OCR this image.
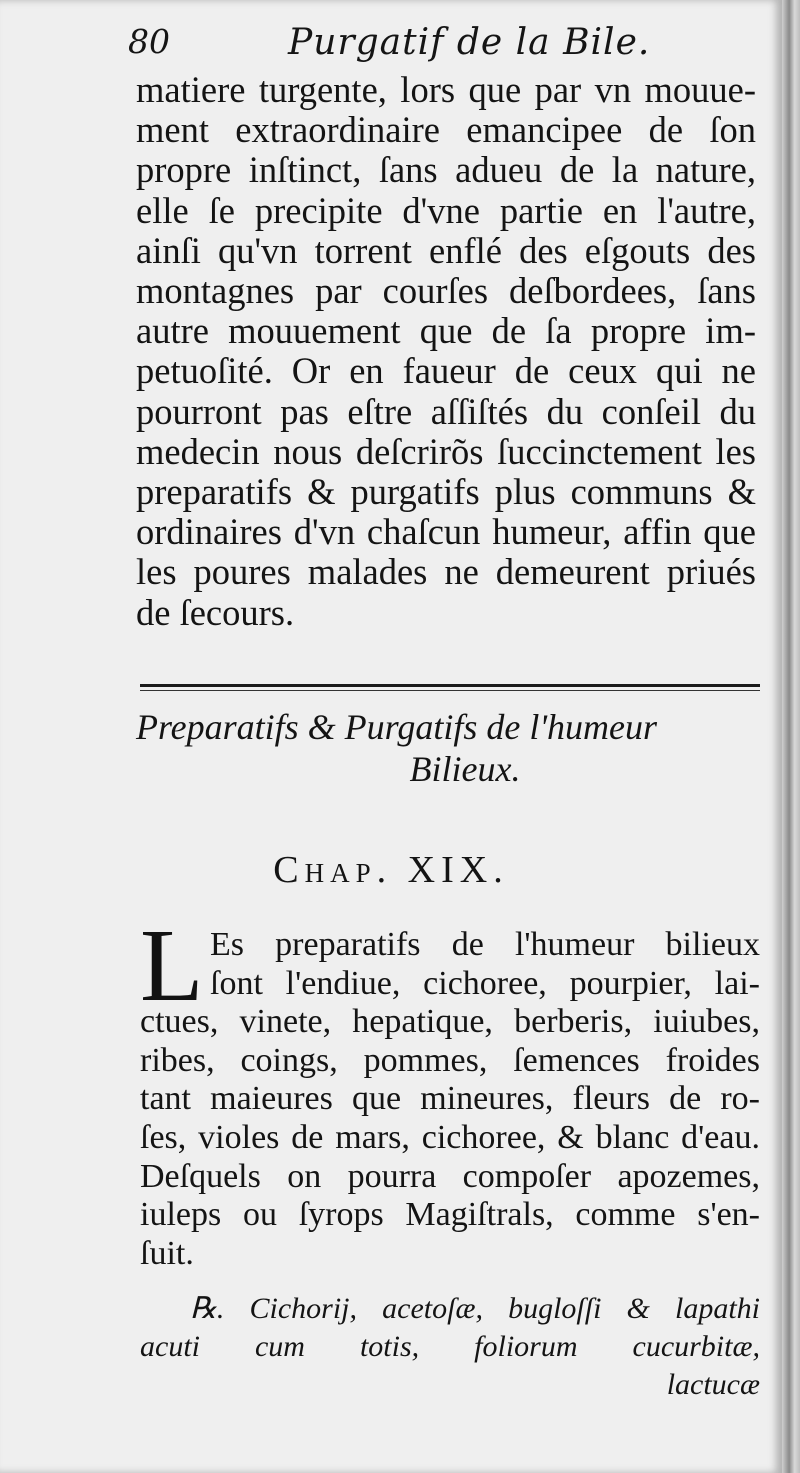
80	Purgatif de la Bile.
matiere turgente, lors que par vn mouue-
ment extraordinaire emancipee de ſon
propre inſtinct, ſans adueu de la nature,
elle ſe precipite d'vne partie en l'autre,
ainſi qu'vn torrent enflé des eſgouts des
montagnes par courſes deſbordees, ſans
autre mouuement que de ſa propre im-
petuoſité. Or en faueur de ceux qui ne
pourront pas eſtre aſſiſtés du conſeil du
medecin nous deſcrirõs ſuccinctement les
preparatifs & purgatifs plus communs &
ordinaires d'vn chaſcun humeur, affin que
les poures malades ne demeurent priués
de ſecours.
Preparatifs & Purgatifs de l'humeur
Bilieux.
Chap. XIX.
L Es preparatifs de l'humeur bilieux
ſont l'endiue, cichoree, pourpier, lai-
ctues, vinete, hepatique, berberis, iuiubes,
ribes, coings, pommes, ſemences froides
tant maieures que mineures, fleurs de ro-
ſes, violes de mars, cichoree, & blanc d'eau.
Deſquels on pourra compoſer apozemes,
iuleps ou ſyrops Magiſtrals, comme s'en-
ſuit.
℞. Cichorij, acetoſæ, bugloſſi & lapathi
acuti cum totis, foliorum cucurbitæ,
lactucæ
